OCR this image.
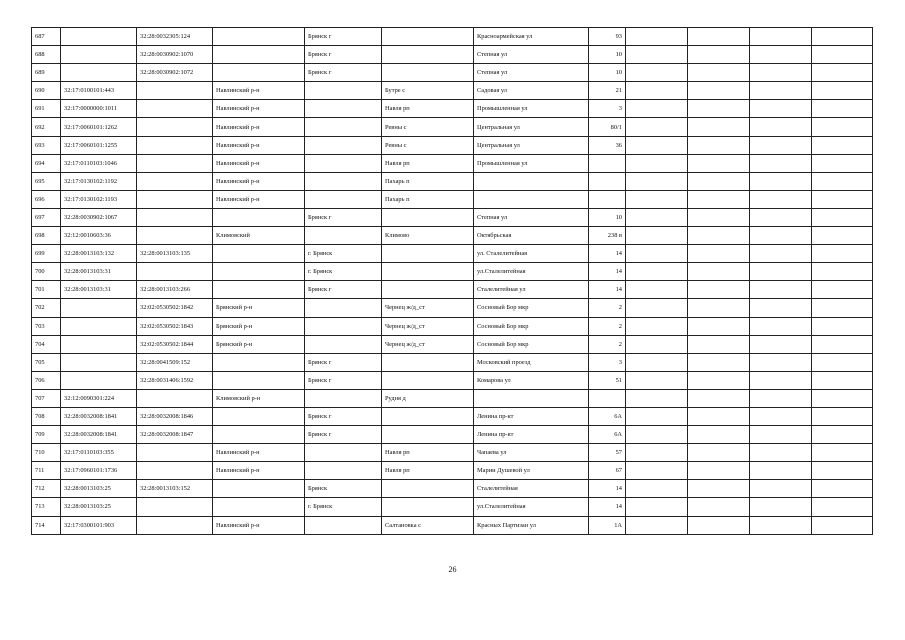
687		32:28:0032305:124		Брянск г		Красноармейская ул	93				
688		32:28:0030902:1070		Брянск г		Степная ул	10				
689		32:28:0030902:1072		Брянск г		Степная ул	10				
690	32:17:0100101:443		Навлинский р-н		Бутре с	Садовая ул	21				
691	32:17:0000000:1011		Навлинский р-н		Навля рп	Промышленная ул	3				
692	32:17:0060101:1262		Навлинский р-н		Ревны с	Центральная ул	80/1				
693	32:17:0060101:1255		Навлинский р-н		Ревны с	Центральная ул	36				
694	32:17:0110103:1046		Навлинский р-н		Навля рп	Промышленная ул					
695	32:17:0130102:1192		Навлинский р-н		Пахарь п						
696	32:17:0130102:1193		Навлинский р-н		Пахарь п						
697	32:28:0030902:1067			Брянск г		Степная ул	10				
698	32:12:0010603:36		Климовский		Климово	Октябрьская	238 в				
699	32:28:0013103:132	32:28:0013103:135		г. Брянск		ул. Сталелитейная	14				
700	32:28:0013103:31			г. Брянск		ул.Сталелитейная	14				
701	32:28:0013103:31	32:28:0013103:266		Брянск г		Сталелитейная ул	14				
702		32:02:0530502:1842	Брянский р-н		Чернец ж/д_ст	Сосновый Бор мкр	2				
703		32:02:0530502:1843	Брянский р-н		Чернец ж/д_ст	Сосновый Бор мкр	2				
704		32:02:0530502:1844	Брянский р-н		Чернец ж/д_ст	Сосновый Бор мкр	2				
705		32:28:0041509:152		Брянск г		Московский проезд	3				
706		32:28:0031406:1592		Брянск г		Комарова ул	51				
707	32:12:0090301:224		Климовский р-н		Рудня д						
708	32:28:0032008:1841	32:28:0032008:1846		Брянск г		Ленина пр-кт	6А				
709	32:28:0032008:1841	32:28:0032008:1847		Брянск г		Ленина пр-кт	6А				
710	32:17:0110103:355		Навлинский р-н		Навля рп	Чапаева ул	57				
711	32:17:0960101:1736		Навлинский р-н		Навля рп	Марии Душевой ул	67				
712	32:28:0013103:25	32:28:0013103:152		Брянск		Сталелитейная	14				
713	32:28:0013103:25			г. Брянск		ул.Сталелитейная	14				
714	32:17:0300101:903		Навлинский р-н		Салтановка с	Красных Партизан ул	1А				
26
